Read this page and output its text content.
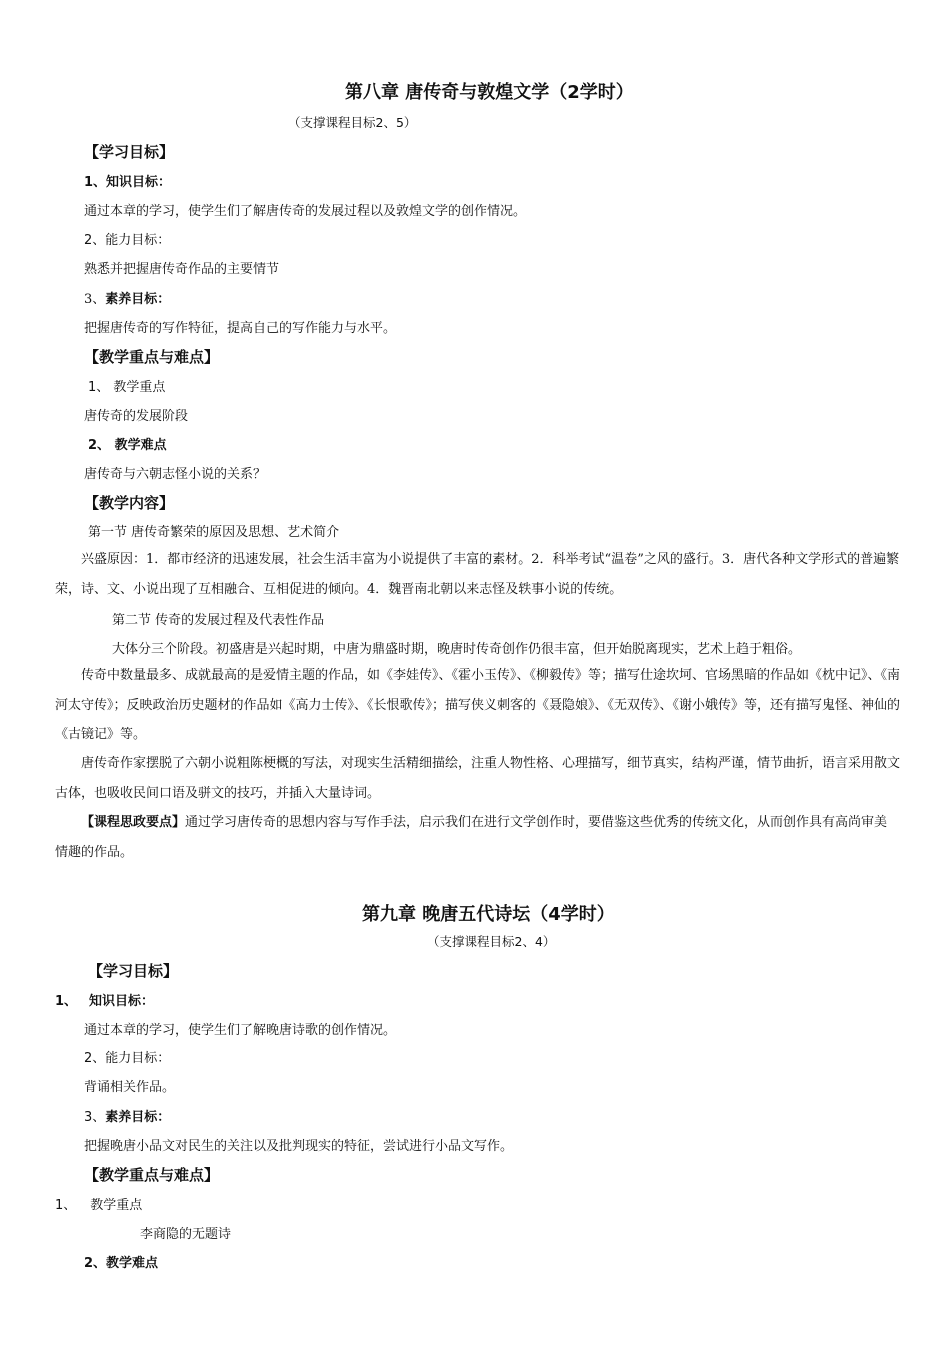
第八章 唐传奇与敦煌文学（2学时）
（支撑课程目标2、5）
【学习目标】
1、知识目标：
通过本章的学习，使学生们了解唐传奇的发展过程以及敦煌文学的创作情况。
2、能力目标：
熟悉并把握唐传奇作品的主要情节
3、素养目标：
把握唐传奇的写作特征，提高自己的写作能力与水平。
【教学重点与难点】
1、 教学重点
唐传奇的发展阶段
2、 教学难点
唐传奇与六朝志怪小说的关系？
【教学内容】
第一节 唐传奇繁荣的原因及思想、艺术简介
兴盛原因：1．都市经济的迅速发展，社会生活丰富为小说提供了丰富的素材。2．科举考试“温卷”之风的盛行。3．唐代各种文学形式的普遍繁荣，诗、文、小说出现了互相融合、互相促进的倾向。4．魏晋南北朝以来志怪及轶事小说的传统。
第二节 传奇的发展过程及代表性作品
大体分三个阶段。初盛唐是兴起时期，中唐为鼎盛时期，晚唐时传奇创作仍很丰富，但开始脱离现实，艺术上趋于粗俗。
传奇中数量最多、成就最高的是爱情主题的作品，如《李娃传》、《霍小玉传》、《柳毅传》等；描写仕途坎坷、官场黑暗的作品如《枕中记》、《南河太守传》；反映政治历史题材的作品如《高力士传》、《长恨歌传》；描写侠义刺客的《聂隐娘》、《无双传》、《谢小娥传》等，还有描写鬼怪、神仙的《古镜记》等。
唐传奇作家摆脱了六朝小说粗陈梗概的写法，对现实生活精细描绘，注重人物性格、心理描写，细节真实，结构严谨，情节曲折，语言采用散文古体，也吸收民间口语及骈文的技巧，并插入大量诗词。
【课程思政要点】通过学习唐传奇的思想内容与写作手法，启示我们在进行文学创作时，要借鉴这些优秀的传统文化，从而创作具有高尚审美情趣的作品。
第九章 晚唐五代诗坛（4学时）
（支撑课程目标2、4）
【学习目标】
1、 知识目标：
通过本章的学习，使学生们了解晚唐诗歌的创作情况。
2、能力目标：
背诵相关作品。
3、素养目标：
把握晚唐小品文对民生的关注以及批判现实的特征，尝试进行小品文写作。
【教学重点与难点】
1、 教学重点
李商隐的无题诗
2、教学难点
